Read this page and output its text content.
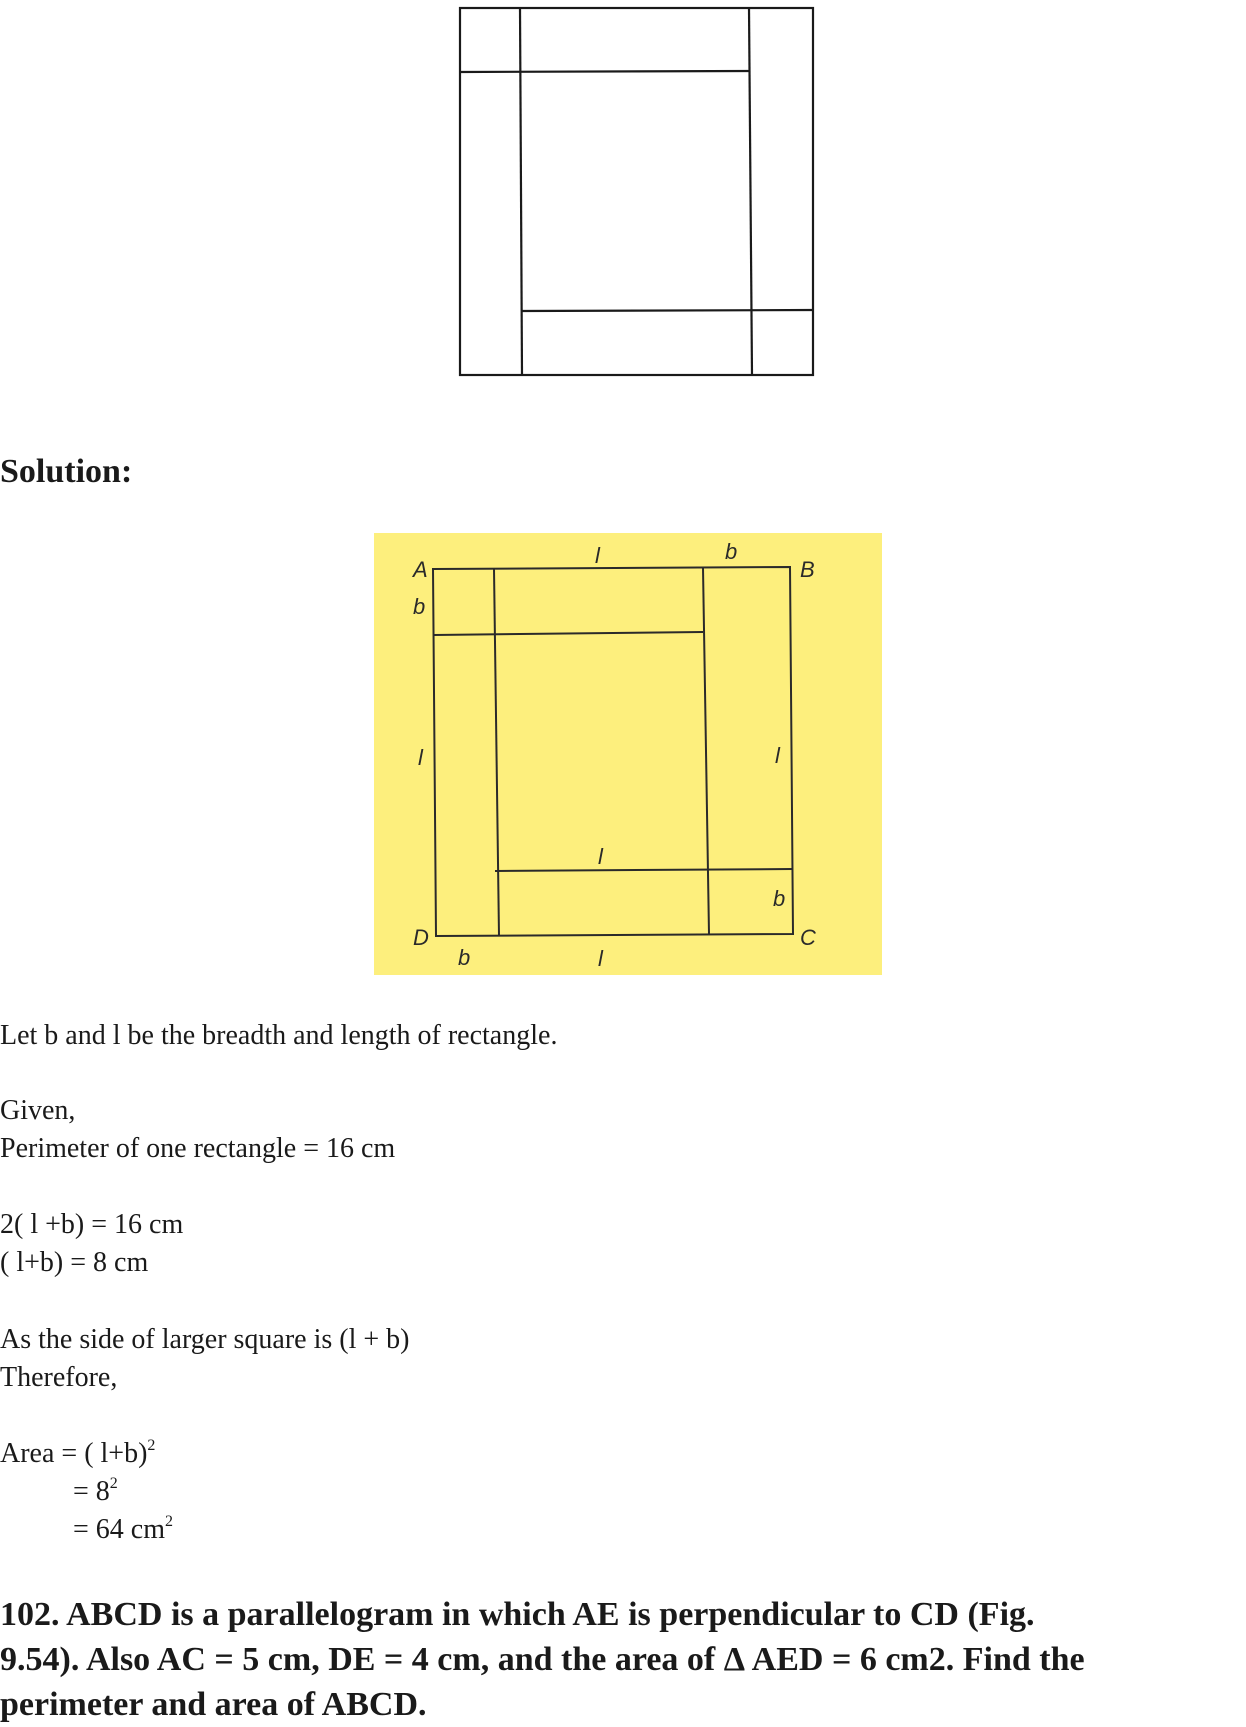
Solution:
A	B
C
D
l	b
b
l	l
l
b
b	l
Let b and l be the breadth and length of rectangle.
Given,
Perimeter of one rectangle = 16 cm
2( l +b) = 16 cm
( l+b) = 8 cm
As the side of larger square is (l + b)
Therefore,
Area = ( l+b)$^2$
= $8^2$
= 64 $cm^2$
102. ABCD is a parallelogram in which AE is perpendicular to CD (Fig.
9.54). Also AC = 5 cm, DE = 4 cm, and the area of Δ AED = 6 cm2. Find the
perimeter and area of ABCD.
